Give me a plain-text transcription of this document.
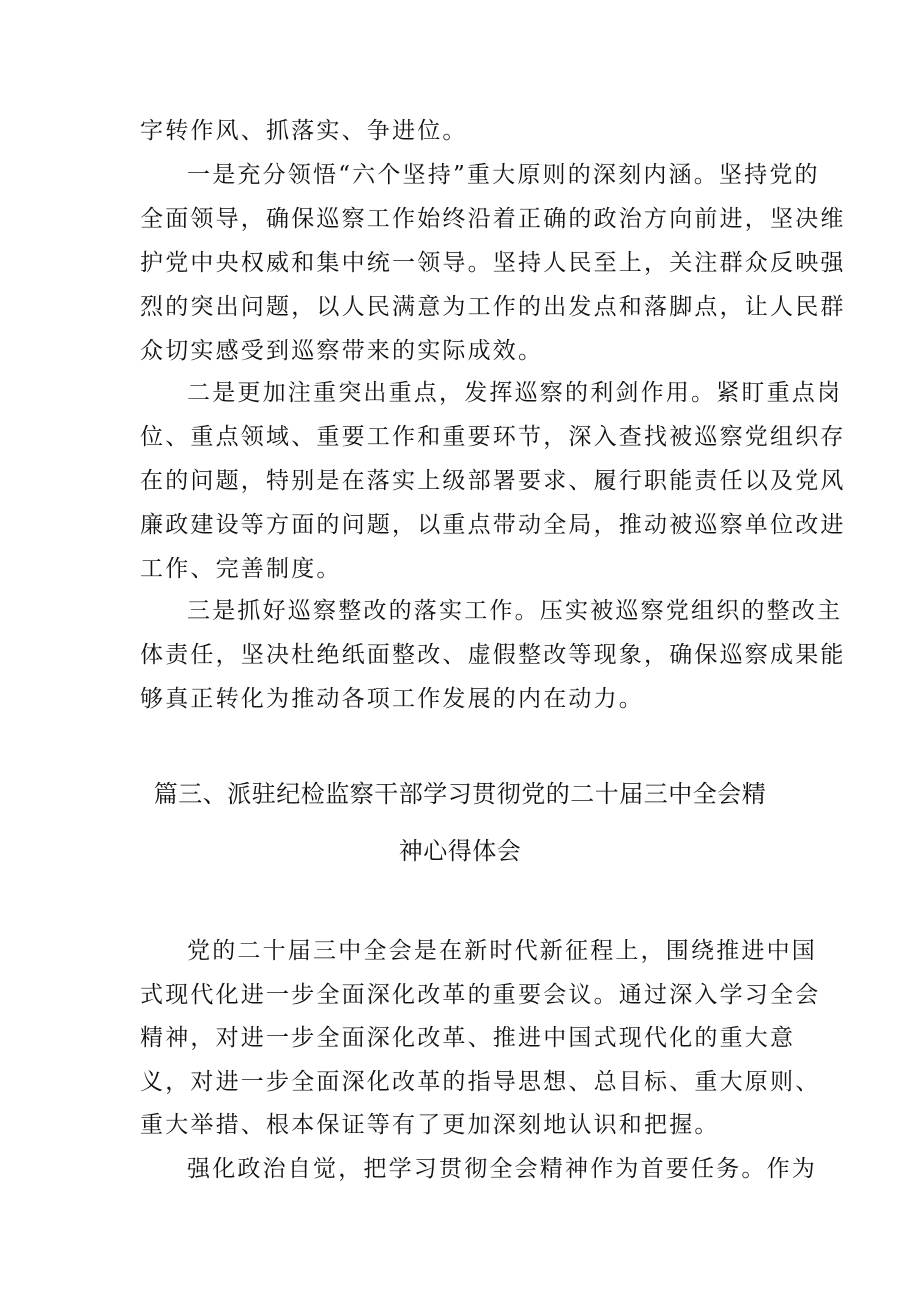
字转作风、抓落实、争进位。
一是充分领悟“六个坚持”重大原则的深刻内涵。坚持党的
全面领导，确保巡察工作始终沿着正确的政治方向前进，坚决维
护党中央权威和集中统一领导。坚持人民至上，关注群众反映强
烈的突出问题，以人民满意为工作的出发点和落脚点，让人民群
众切实感受到巡察带来的实际成效。
二是更加注重突出重点，发挥巡察的利剑作用。紧盯重点岗
位、重点领域、重要工作和重要环节，深入查找被巡察党组织存
在的问题，特别是在落实上级部署要求、履行职能责任以及党风
廉政建设等方面的问题，以重点带动全局，推动被巡察单位改进
工作、完善制度。
三是抓好巡察整改的落实工作。压实被巡察党组织的整改主
体责任，坚决杜绝纸面整改、虚假整改等现象，确保巡察成果能
够真正转化为推动各项工作发展的内在动力。
篇三、派驻纪检监察干部学习贯彻党的二十届三中全会精
神心得体会
党的二十届三中全会是在新时代新征程上，围绕推进中国
式现代化进一步全面深化改革的重要会议。通过深入学习全会
精神，对进一步全面深化改革、推进中国式现代化的重大意
义，对进一步全面深化改革的指导思想、总目标、重大原则、
重大举措、根本保证等有了更加深刻地认识和把握。
强化政治自觉，把学习贯彻全会精神作为首要任务。作为
